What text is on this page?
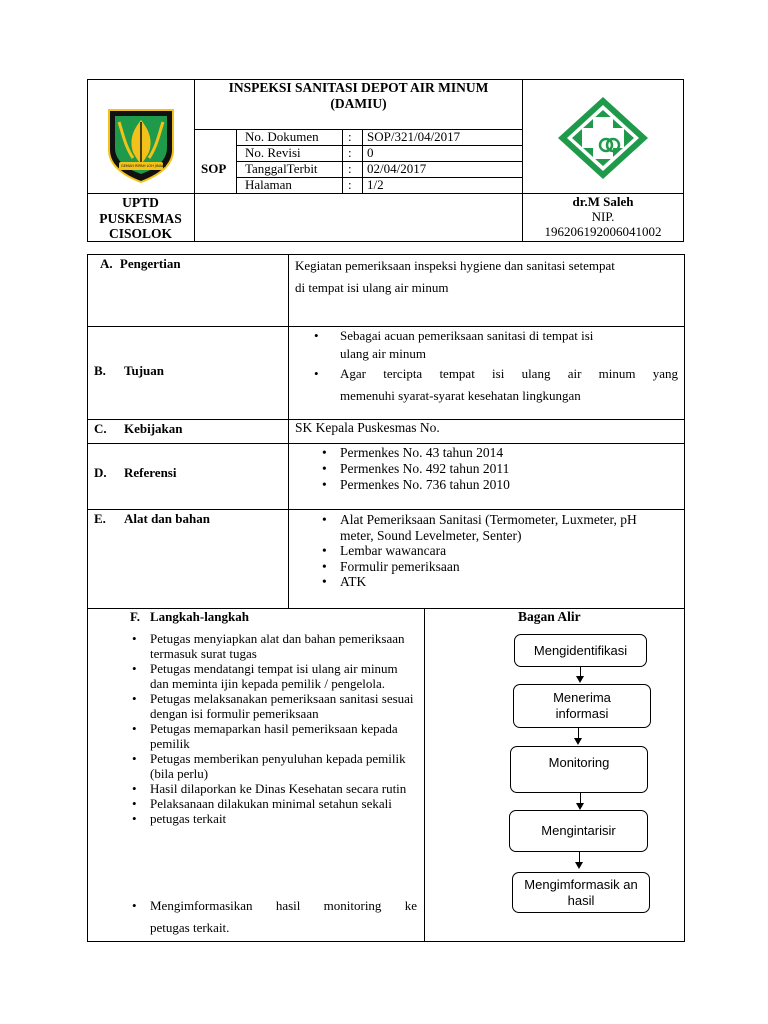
GEMAH RIPAH LOH JINAWI
INSPEKSI SANITASI DEPOT AIR MINUM
(DAMIU)
SOP
No. Dokumen : SOP/321/04/2017
No. Revisi	: 0
TanggalTerbit : 02/04/2017
Halaman	: 1/2
UPTD
PUSKESMAS
CISOLOK
dr.M Saleh
NIP.
196206192006041002
A. Pengertian	Kegiatan pemeriksaan inspeksi hygiene dan sanitasi setempat
di tempat isi ulang air minum
B. Tujuan
• Sebagai acuan pemeriksaan sanitasi di tempat isi
ulang air minum
• Agar tercipta tempat isi ulang air minum yang
memenuhi syarat-syarat kesehatan lingkungan
C. Kebijakan	SK Kepala Puskesmas No.
D. Referensi
• Permenkes No. 43 tahun 2014
• Permenkes No. 492 tahun 2011
• Permenkes No. 736 tahun 2010
E. Alat dan bahan
•	Alat Pemeriksaan Sanitasi (Termometer, Luxmeter, pH meter, Sound Levelmeter, Senter)
• Lembar wawancara
• Formulir pemeriksaan
• ATK
F. Langkah-langkah
• Petugas menyiapkan alat dan bahan pemeriksaan termasuk surat tugas
• Petugas mendatangi tempat isi ulang air minum dan meminta ijin kepada pemilik / pengelola.
• Petugas melaksanakan pemeriksaan sanitasi sesuai dengan isi formulir pemeriksaan
• Petugas memaparkan hasil pemeriksaan kepada pemilik
• Petugas memberikan penyuluhan kepada pemilik (bila perlu)
• Hasil dilaporkan ke Dinas Kesehatan secara rutin
• Pelaksanaan dilakukan minimal setahun sekali
• petugas terkait
• Mengimformasikan hasil monitoring ke
petugas terkait.
Bagan Alir
Mengidentifikasi
Menerima informasi
Monitoring
Mengintarisir
Mengimformasik an hasil
